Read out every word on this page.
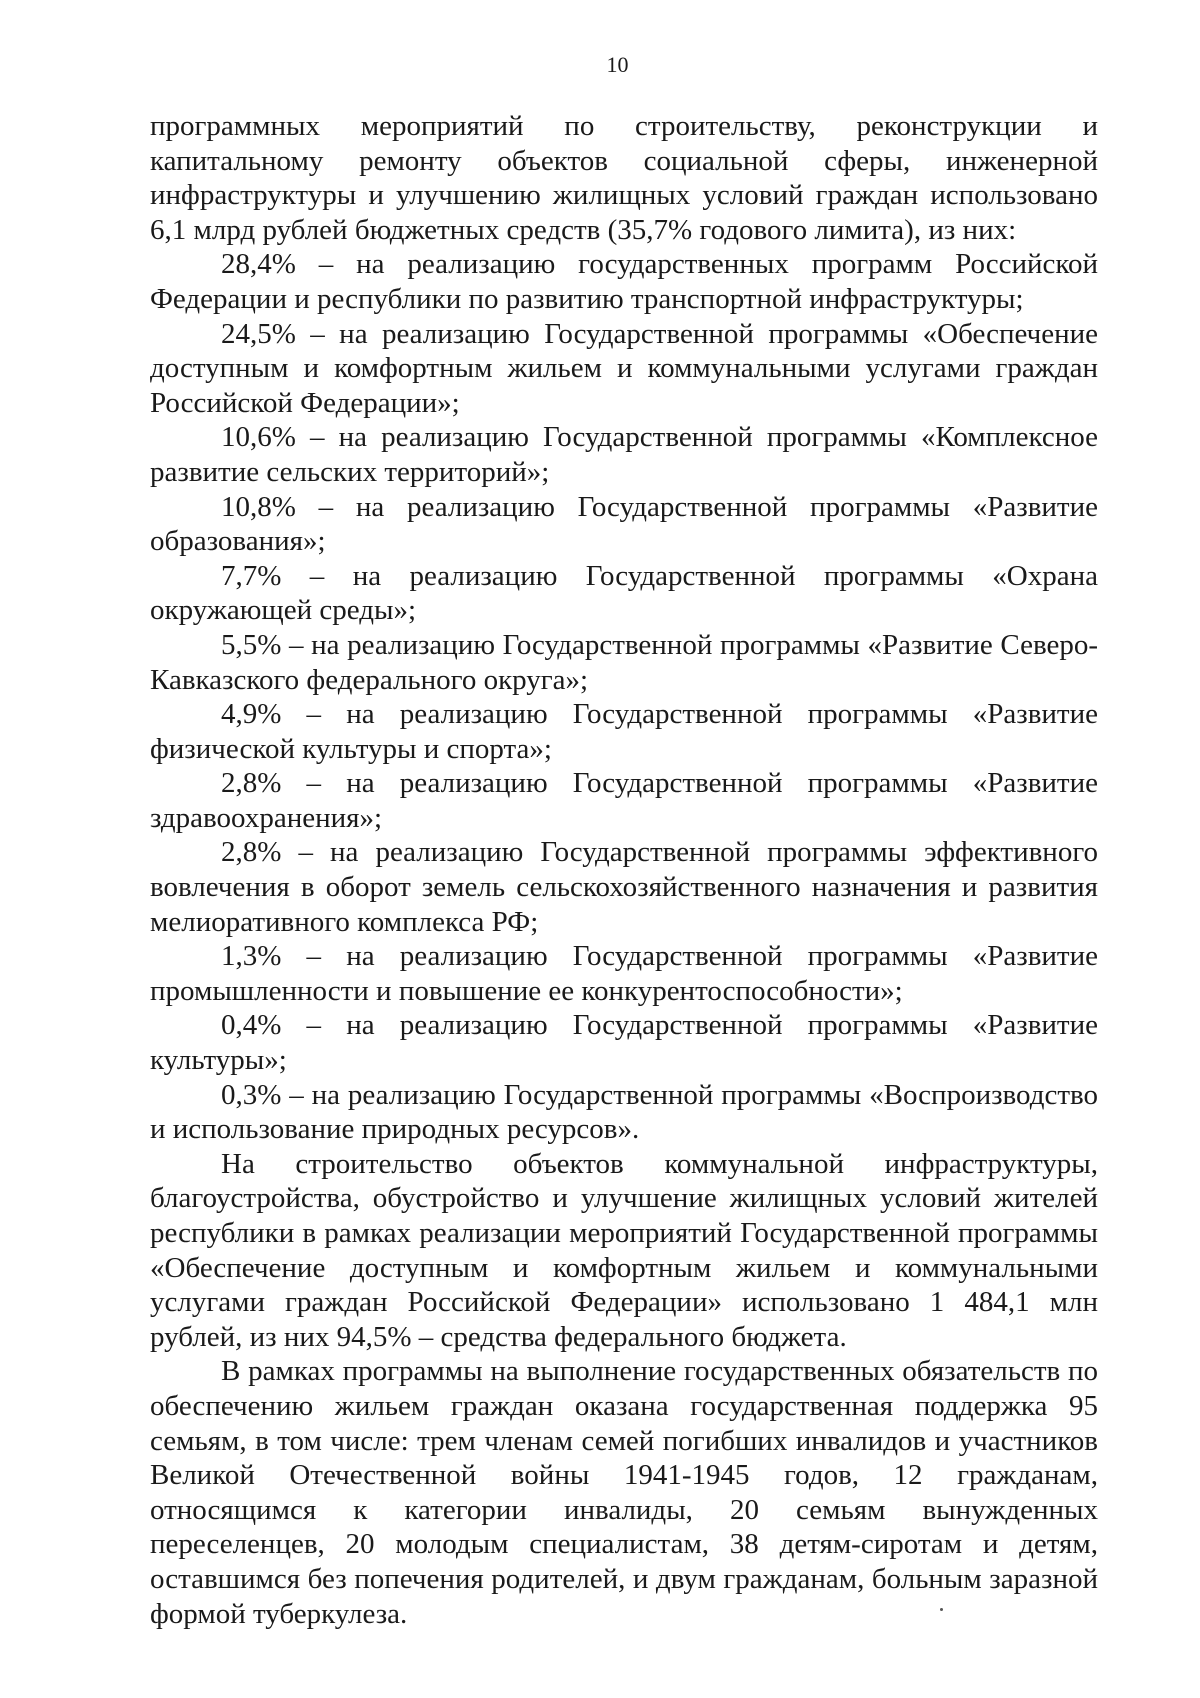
10

программных мероприятий по строительству, реконструкции и капитальному ремонту объектов социальной сферы, инженерной инфраструктуры и улучшению жилищных условий граждан использовано 6,1 млрд рублей бюджетных средств (35,7% годового лимита), из них:

28,4% – на реализацию государственных программ Российской Федерации и республики по развитию транспортной инфраструктуры;

24,5% – на реализацию Государственной программы «Обеспечение доступным и комфортным жильем и коммунальными услугами граждан Российской Федерации»;

10,6% – на реализацию Государственной программы «Комплексное развитие сельских территорий»;

10,8% – на реализацию Государственной программы «Развитие образования»;

7,7% – на реализацию Государственной программы «Охрана окружающей среды»;

5,5% – на реализацию Государственной программы «Развитие Северо-Кавказского федерального округа»;

4,9% – на реализацию Государственной программы «Развитие физической культуры и спорта»;

2,8% – на реализацию Государственной программы «Развитие здравоохранения»;

2,8% – на реализацию Государственной программы эффективного вовлечения в оборот земель сельскохозяйственного назначения и развития мелиоративного комплекса РФ;

1,3% – на реализацию Государственной программы «Развитие промышленности и повышение ее конкурентоспособности»;

0,4% – на реализацию Государственной программы «Развитие культуры»;

0,3% – на реализацию Государственной программы «Воспроизводство и использование природных ресурсов».

На строительство объектов коммунальной инфраструктуры, благоустройства, обустройство и улучшение жилищных условий жителей республики в рамках реализации мероприятий Государственной программы «Обеспечение доступным и комфортным жильем и коммунальными услугами граждан Российской Федерации» использовано 1 484,1 млн рублей, из них 94,5% – средства федерального бюджета.

В рамках программы на выполнение государственных обязательств по обеспечению жильем граждан оказана государственная поддержка 95 семьям, в том числе: трем членам семей погибших инвалидов и участников Великой Отечественной войны 1941-1945 годов, 12 гражданам, относящимся к категории инвалиды, 20 семьям вынужденных переселенцев, 20 молодым специалистам, 38 детям-сиротам и детям, оставшимся без попечения родителей, и двум гражданам, больным заразной формой туберкулеза.
